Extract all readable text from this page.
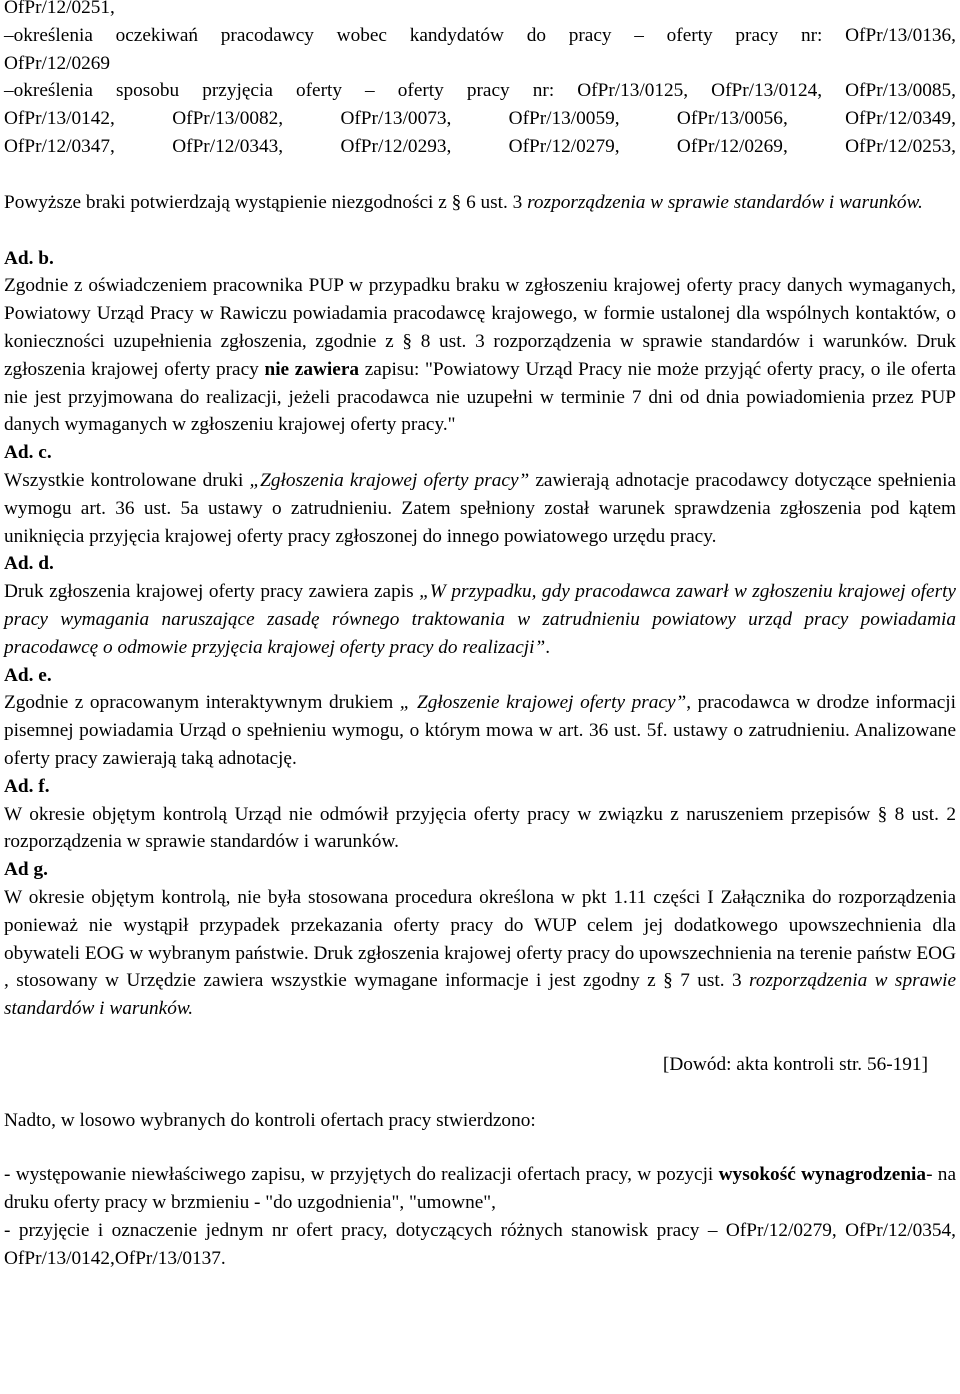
OfPr/12/0251,

–określenia oczekiwań pracodawcy wobec kandydatów do pracy – oferty pracy nr: OfPr/13/0136,

OfPr/12/0269

–określenia sposobu przyjęcia oferty – oferty pracy nr: OfPr/13/0125, OfPr/13/0124, OfPr/13/0085,

OfPr/13/0142, OfPr/13/0082, OfPr/13/0073, OfPr/13/0059, OfPr/13/0056, OfPr/12/0349,

OfPr/12/0347, OfPr/12/0343, OfPr/12/0293, OfPr/12/0279, OfPr/12/0269, OfPr/12/0253,

Powyższe braki potwierdzają wystąpienie niezgodności z § 6 ust. 3 rozporządzenia w sprawie standardów i warunków.

Ad. b.

Zgodnie z oświadczeniem pracownika PUP w przypadku braku w zgłoszeniu krajowej oferty pracy danych wymaganych, Powiatowy Urząd Pracy w Rawiczu powiadamia pracodawcę krajowego, w formie ustalonej dla wspólnych kontaktów, o konieczności uzupełnienia zgłoszenia, zgodnie z § 8 ust. 3 rozporządzenia w sprawie standardów i warunków. Druk zgłoszenia krajowej oferty pracy nie zawiera zapisu: "Powiatowy Urząd Pracy nie może przyjąć oferty pracy, o ile oferta nie jest przyjmowana do realizacji, jeżeli pracodawca nie uzupełni w terminie 7 dni od dnia powiadomienia przez PUP danych wymaganych w zgłoszeniu krajowej oferty pracy."

Ad. c.

Wszystkie kontrolowane druki „Zgłoszenia krajowej oferty pracy” zawierają adnotacje pracodawcy dotyczące spełnienia wymogu art. 36 ust. 5a ustawy o zatrudnieniu. Zatem spełniony został warunek sprawdzenia zgłoszenia pod kątem uniknięcia przyjęcia krajowej oferty pracy zgłoszonej do innego powiatowego urzędu pracy.

Ad. d.

Druk zgłoszenia krajowej oferty pracy zawiera zapis „W przypadku, gdy pracodawca zawarł w zgłoszeniu krajowej oferty pracy wymagania naruszające zasadę równego traktowania w zatrudnieniu powiatowy urząd pracy powiadamia pracodawcę o odmowie przyjęcia krajowej oferty pracy do realizacji”.

Ad. e.

Zgodnie z opracowanym interaktywnym drukiem „ Zgłoszenie krajowej oferty pracy”, pracodawca w drodze informacji pisemnej powiadamia Urząd o spełnieniu wymogu, o którym mowa w art. 36 ust. 5f. ustawy o zatrudnieniu. Analizowane oferty pracy zawierają taką adnotację.

Ad. f.

W okresie objętym kontrolą Urząd nie odmówił przyjęcia oferty pracy w związku z naruszeniem przepisów § 8 ust. 2 rozporządzenia w sprawie standardów i warunków.

Ad g.

W okresie objętym kontrolą, nie była stosowana procedura określona w pkt 1.11 części I Załącznika do rozporządzenia ponieważ nie wystąpił przypadek przekazania oferty pracy do WUP celem jej dodatkowego upowszechnienia dla obywateli EOG w wybranym państwie. Druk zgłoszenia krajowej oferty pracy do upowszechnienia na terenie państw EOG , stosowany w Urzędzie zawiera wszystkie wymagane informacje i jest zgodny z § 7 ust. 3 rozporządzenia w sprawie standardów i warunków.

[Dowód: akta kontroli str. 56-191]

Nadto, w losowo wybranych do kontroli ofertach pracy stwierdzono:

- występowanie niewłaściwego zapisu, w przyjętych do realizacji ofertach pracy, w pozycji wysokość wynagrodzenia- na druku oferty pracy w brzmieniu - "do uzgodnienia", "umowne",

- przyjęcie i oznaczenie jednym nr ofert pracy, dotyczących różnych stanowisk pracy – OfPr/12/0279, OfPr/12/0354, OfPr/13/0142,OfPr/13/0137.
